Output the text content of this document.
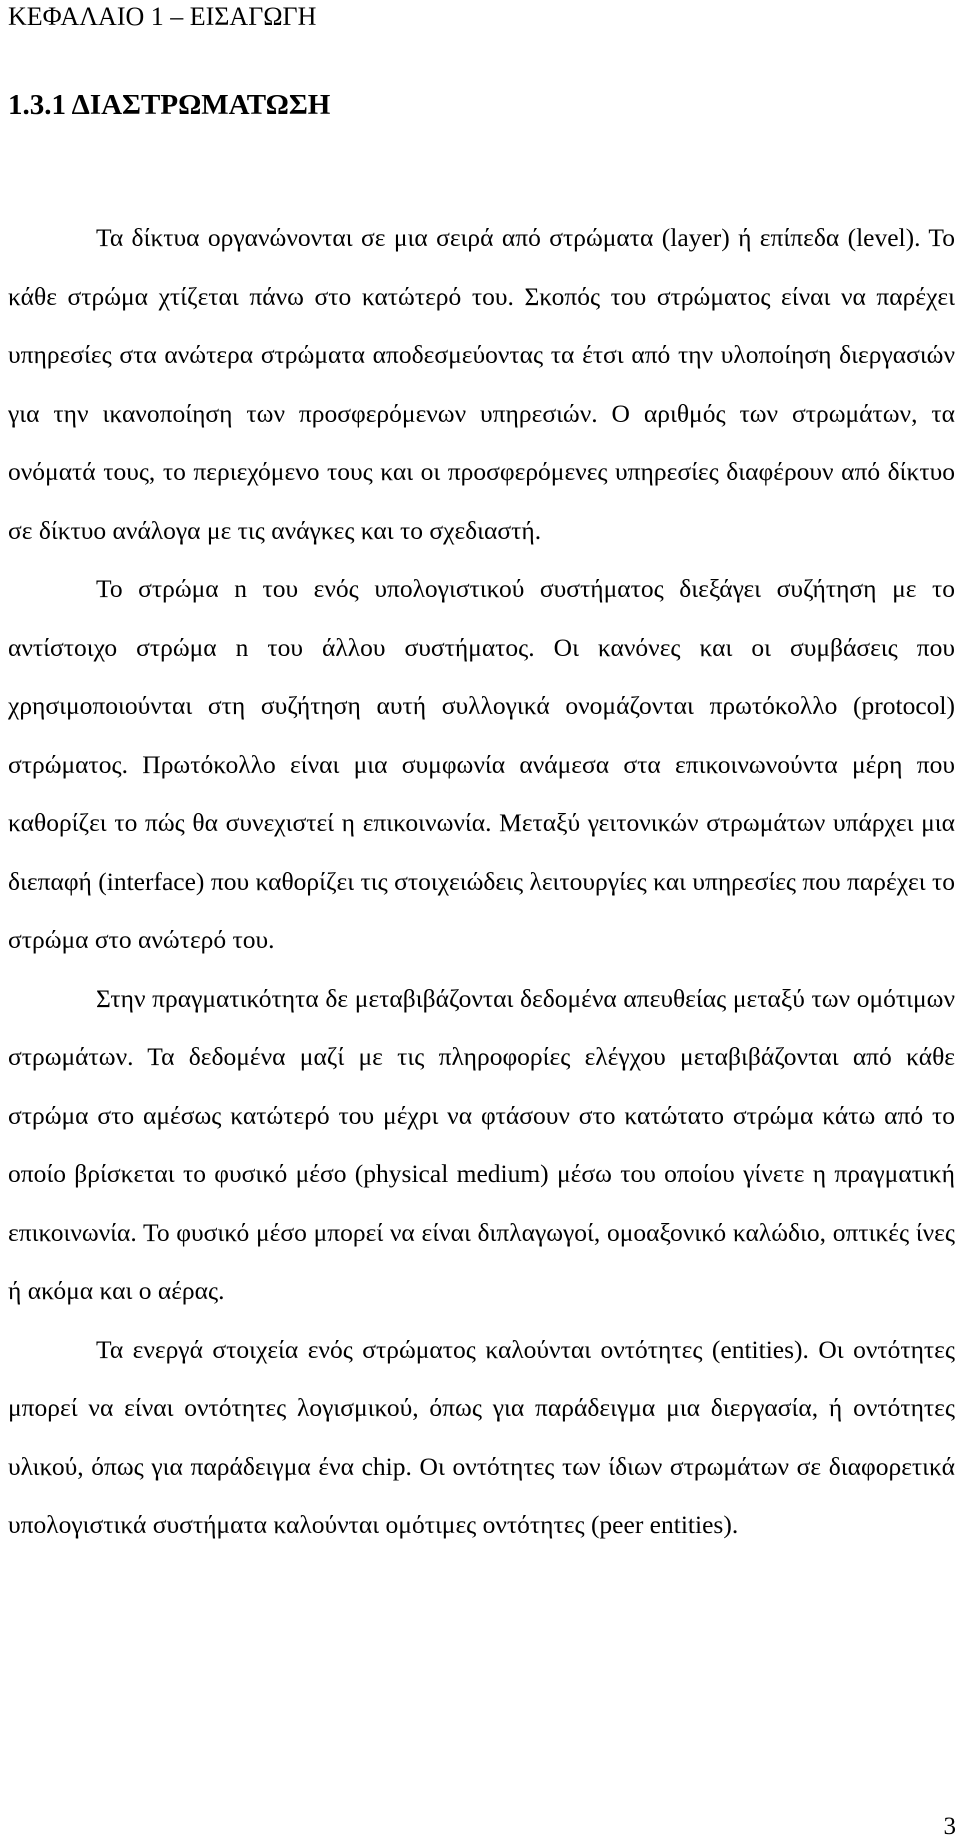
ΚΕΦΑΛΑΙΟ 1 – ΕΙΣΑΓΩΓΗ
1.3.1 ΔΙΑΣΤΡΩΜΑΤΩΣΗ

Τα δίκτυα οργανώνονται σε μια σειρά από στρώματα (layer) ή επίπεδα (level). Το κάθε στρώμα χτίζεται πάνω στο κατώτερό του. Σκοπός του στρώματος είναι να παρέχει υπηρεσίες στα ανώτερα στρώματα αποδεσμεύοντας τα έτσι από την υλοποίηση διεργασιών για την ικανοποίηση των προσφερόμενων υπηρεσιών. Ο αριθμός των στρωμάτων, τα ονόματά τους, το περιεχόμενο τους και οι προσφερόμενες υπηρεσίες διαφέρουν από δίκτυο σε δίκτυο ανάλογα με τις ανάγκες και το σχεδιαστή.

Το στρώμα n του ενός υπολογιστικού συστήματος διεξάγει συζήτηση με το αντίστοιχο στρώμα n του άλλου συστήματος. Οι κανόνες και οι συμβάσεις που χρησιμοποιούνται στη συζήτηση αυτή συλλογικά ονομάζονται πρωτόκολλο (protocol) στρώματος. Πρωτόκολλο είναι μια συμφωνία ανάμεσα στα επικοινωνούντα μέρη που καθορίζει το πώς θα συνεχιστεί η επικοινωνία. Μεταξύ γειτονικών στρωμάτων υπάρχει μια διεπαφή (interface) που καθορίζει τις στοιχειώδεις λειτουργίες και υπηρεσίες που παρέχει το στρώμα στο ανώτερό του.

Στην πραγματικότητα δε μεταβιβάζονται δεδομένα απευθείας μεταξύ των ομότιμων στρωμάτων. Τα δεδομένα μαζί με τις πληροφορίες ελέγχου μεταβιβάζονται από κάθε στρώμα στο αμέσως κατώτερό του μέχρι να φτάσουν στο κατώτατο στρώμα κάτω από το οποίο βρίσκεται το φυσικό μέσο (physical medium) μέσω του οποίου γίνετε η πραγματική επικοινωνία. Το φυσικό μέσο μπορεί να είναι διπλαγωγοί, ομοαξονικό καλώδιο, οπτικές ίνες ή ακόμα και ο αέρας.

Τα ενεργά στοιχεία ενός στρώματος καλούνται οντότητες (entities). Οι οντότητες μπορεί να είναι οντότητες λογισμικού, όπως για παράδειγμα μια διεργασία, ή οντότητες υλικού, όπως για παράδειγμα ένα chip. Οι οντότητες των ίδιων στρωμάτων σε διαφορετικά υπολογιστικά συστήματα καλούνται ομότιμες οντότητες (peer entities).

3
